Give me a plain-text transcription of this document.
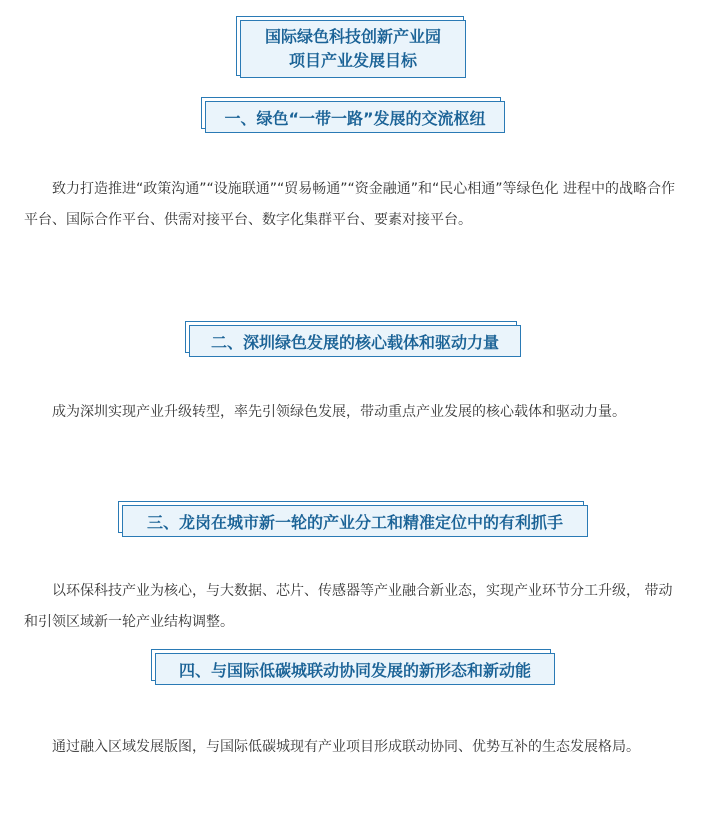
国际绿色科技创新产业园
项目产业发展目标
一、绿色“一带一路”发展的交流枢纽

致力打造推进“政策沟通”“设施联通”“贸易畅通”“资金融通”和“民心相通”等绿色化 进程中的战略合作平台、国际合作平台、供需对接平台、数字化集群平台、要素对接平台。

二、深圳绿色发展的核心载体和驱动力量

成为深圳实现产业升级转型，率先引领绿色发展，带动重点产业发展的核心载体和驱动力量。

三、龙岗在城市新一轮的产业分工和精准定位中的有利抓手

以环保科技产业为核心，与大数据、芯片、传感器等产业融合新业态，实现产业环节分工升级， 带动和引领区域新一轮产业结构调整。

四、与国际低碳城联动协同发展的新形态和新动能

通过融入区域发展版图，与国际低碳城现有产业项目形成联动协同、优势互补的生态发展格局。
